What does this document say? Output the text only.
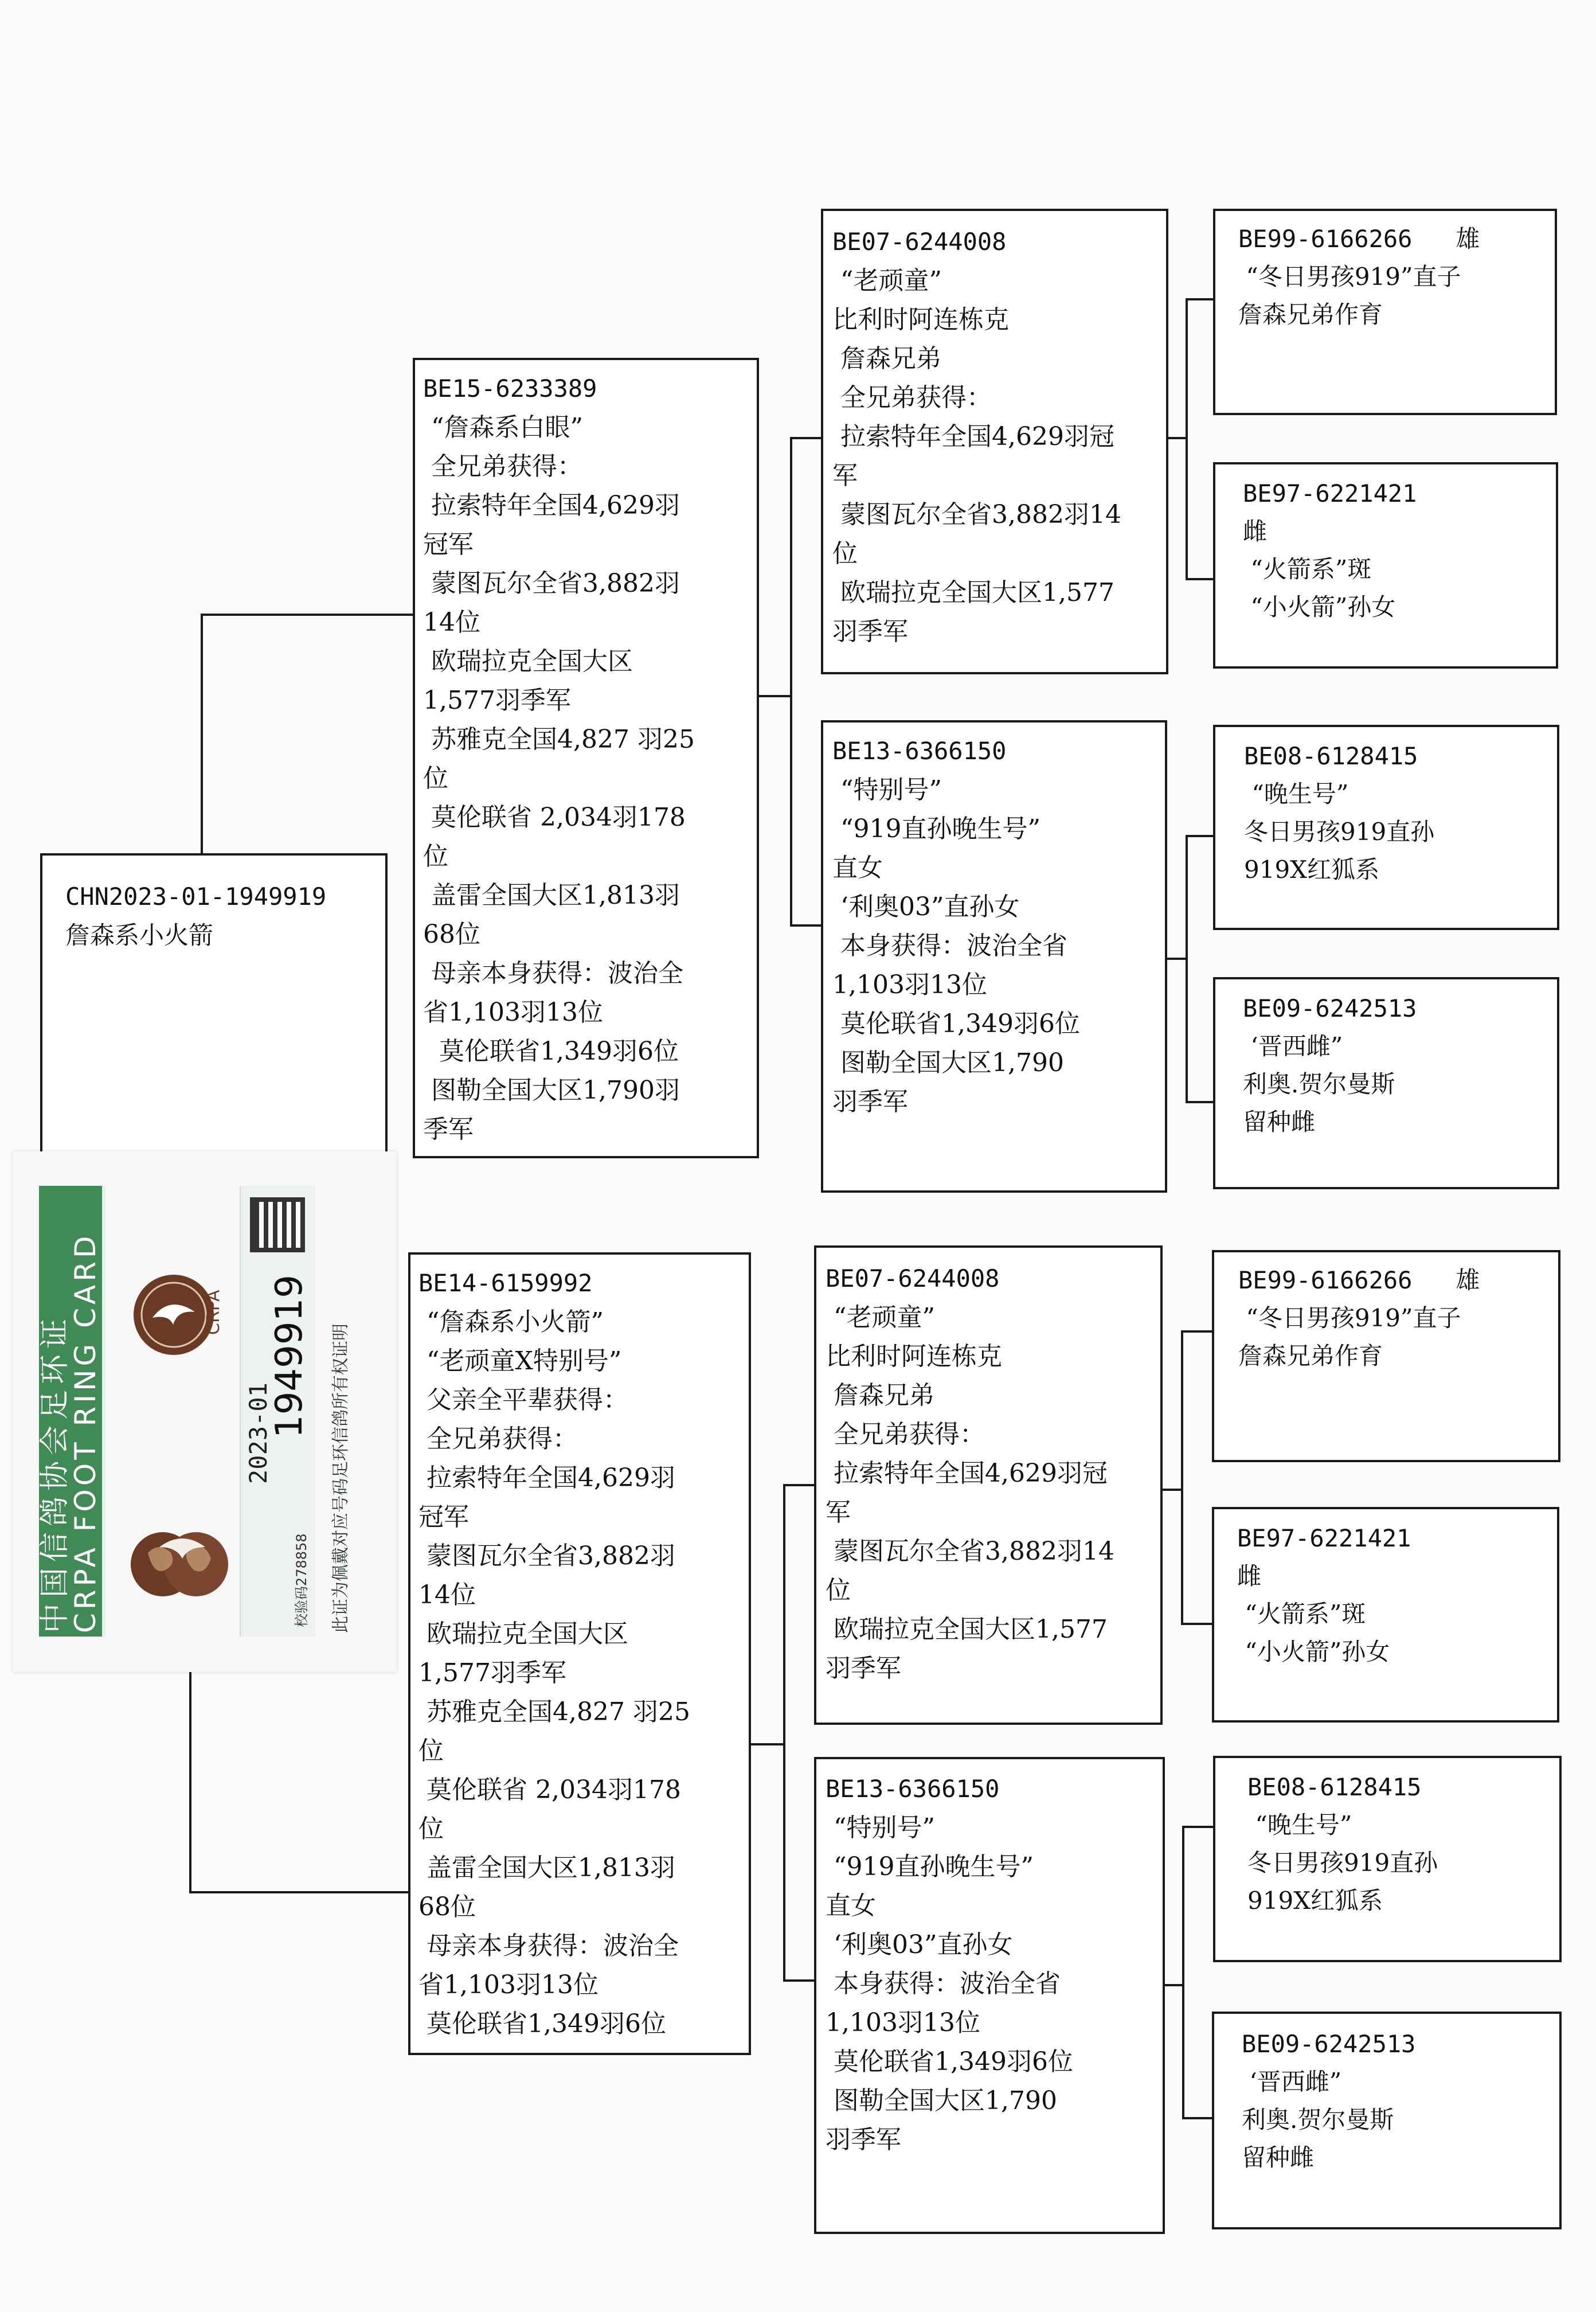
CHN2023-01-1949919
詹森系小火箭
BE15-6233389
“詹森系白眼”
全兄弟获得：
拉索特年全国4,629羽
冠军
蒙图瓦尔全省3,882羽
14位
欧瑞拉克全国大区
1,577羽季军
苏雅克全国4,827 羽25
位
莫伦联省 2,034羽178
位
盖雷全国大区1,813羽
68位
母亲本身获得：波治全
省1,103羽13位
莫伦联省1,349羽6位
图勒全国大区1,790羽
季军
BE14-6159992
“詹森系小火箭”
“老顽童X特别号”
父亲全平辈获得：
全兄弟获得：
拉索特年全国4,629羽
冠军
蒙图瓦尔全省3,882羽
14位
欧瑞拉克全国大区
1,577羽季军
苏雅克全国4,827 羽25
位
莫伦联省 2,034羽178
位
盖雷全国大区1,813羽
68位
母亲本身获得：波治全
省1,103羽13位
莫伦联省1,349羽6位
BE07-6244008
“老顽童”
比利时阿连栋克
詹森兄弟
全兄弟获得：
拉索特年全国4,629羽冠
军
蒙图瓦尔全省3,882羽14
位
欧瑞拉克全国大区1,577
羽季军
BE13-6366150
“特别号”
“919直孙晚生号”
直女
‘利奥03”直孙女
本身获得：波治全省
1,103羽13位
莫伦联省1,349羽6位
图勒全国大区1,790
羽季军
BE07-6244008
“老顽童”
比利时阿连栋克
詹森兄弟
全兄弟获得：
拉索特年全国4,629羽冠
军
蒙图瓦尔全省3,882羽14
位
欧瑞拉克全国大区1,577
羽季军
BE13-6366150
“特别号”
“919直孙晚生号”
直女
‘利奥03”直孙女
本身获得：波治全省
1,103羽13位
莫伦联省1,349羽6位
图勒全国大区1,790
羽季军
BE99-6166266   雄
“冬日男孩919”直子
詹森兄弟作育
BE97-6221421
雌
“火箭系”斑
“小火箭”孙女
BE08-6128415
“晚生号”
冬日男孩919直孙
919X红狐系
BE09-6242513
‘晋西雌”
利奥.贺尔曼斯
留种雌
BE99-6166266   雄
“冬日男孩919”直子
詹森兄弟作育
BE97-6221421
雌
“火箭系”斑
“小火箭”孙女
BE08-6128415
“晚生号”
冬日男孩919直孙
919X红狐系
BE09-6242513
‘晋西雌”
利奥.贺尔曼斯
留种雌
中国信鸽协会足环证
CRPA FOOT RING CARD	CRPA
2023-01
1949919
校验码278858 此证为佩戴对应号码足环信鸽所有权证明
